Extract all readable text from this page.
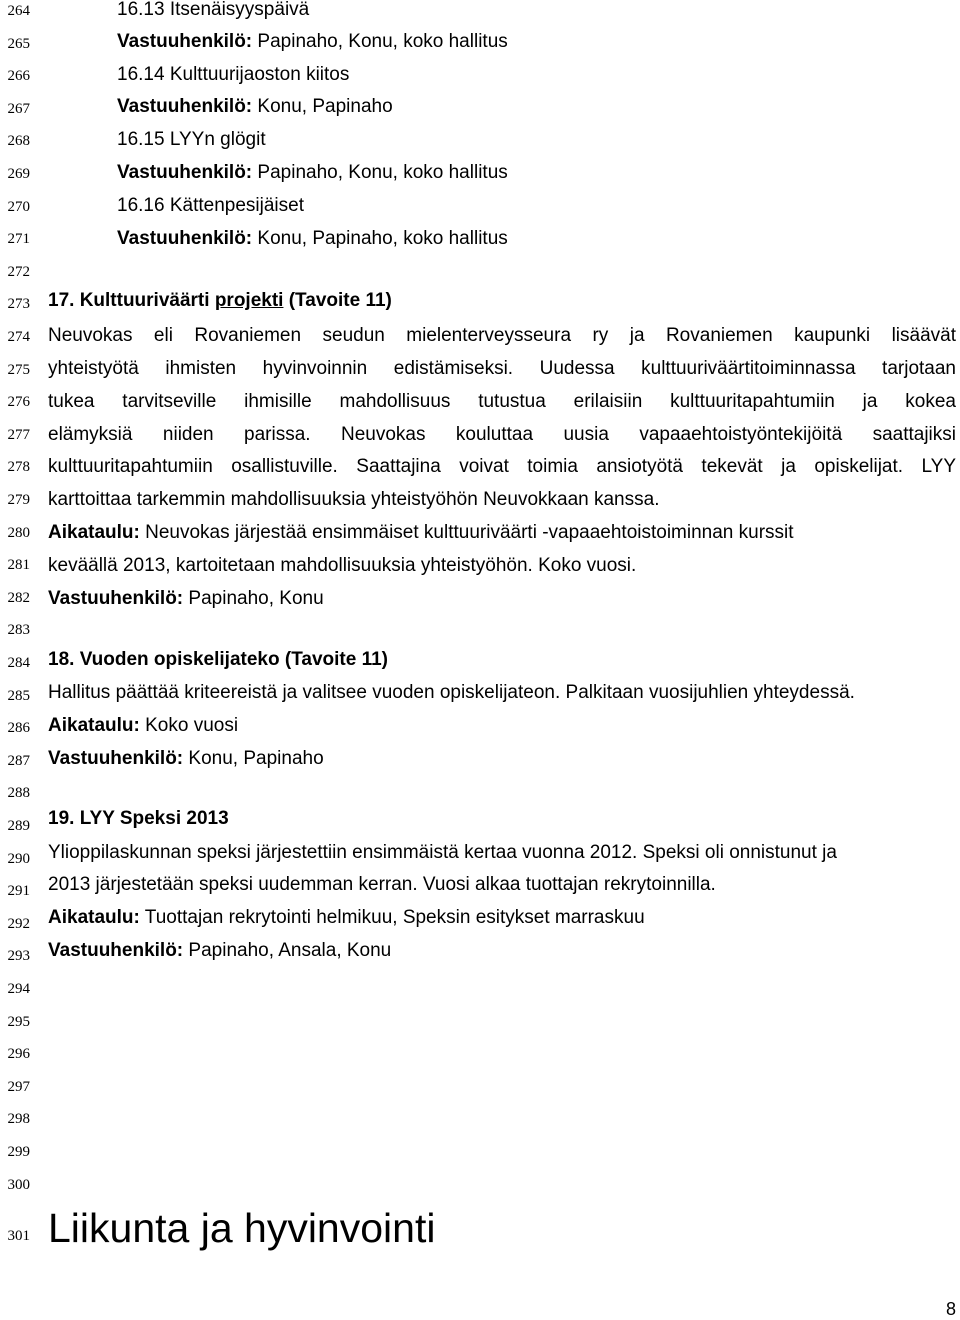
264
265
266
267
268
269
270
271
272
273
274
275
276
277
278
279
280
281
282
283
284
285
286
287
288
289
290
291
292
293
294
295
296
297
298
299
300
301
16.13 Itsenäisyyspäivä
Vastuuhenkilö: Papinaho, Konu, koko hallitus
16.14 Kulttuurijaoston kiitos
Vastuuhenkilö: Konu, Papinaho
16.15 LYYn glögit
Vastuuhenkilö: Papinaho, Konu, koko hallitus
16.16 Kättenpesijäiset
Vastuuhenkilö: Konu, Papinaho, koko hallitus
17. Kulttuuriväärti projekti (Tavoite 11)
Neuvokas eli Rovaniemen seudun mielenterveysseura ry ja Rovaniemen kaupunki lisäävät
yhteistyötä ihmisten hyvinvoinnin edistämiseksi. Uudessa kulttuuriväärtitoiminnassa tarjotaan
tukea tarvitseville ihmisille mahdollisuus tutustua erilaisiin kulttuuritapahtumiin ja kokea
elämyksiä niiden parissa. Neuvokas kouluttaa uusia vapaaehtoistyöntekijöitä saattajiksi
kulttuuritapahtumiin osallistuville. Saattajina voivat toimia ansiotyötä tekevät ja opiskelijat. LYY
karttoittaa tarkemmin mahdollisuuksia yhteistyöhön Neuvokkaan kanssa.
Aikataulu: Neuvokas järjestää ensimmäiset kulttuuriväärti -vapaaehtoistoiminnan kurssit
keväällä 2013, kartoitetaan mahdollisuuksia yhteistyöhön. Koko vuosi.
Vastuuhenkilö: Papinaho, Konu
18. Vuoden opiskelijateko (Tavoite 11)
Hallitus päättää kriteereistä ja valitsee vuoden opiskelijateon. Palkitaan vuosijuhlien yhteydessä.
Aikataulu: Koko vuosi
Vastuuhenkilö: Konu, Papinaho
19. LYY Speksi 2013
Ylioppilaskunnan speksi järjestettiin ensimmäistä kertaa vuonna 2012. Speksi oli onnistunut ja
2013 järjestetään speksi uudemman kerran. Vuosi alkaa tuottajan rekrytoinnilla.
Aikataulu: Tuottajan rekrytointi helmikuu, Speksin esitykset marraskuu
Vastuuhenkilö: Papinaho, Ansala, Konu
Liikunta ja hyvinvointi
8
